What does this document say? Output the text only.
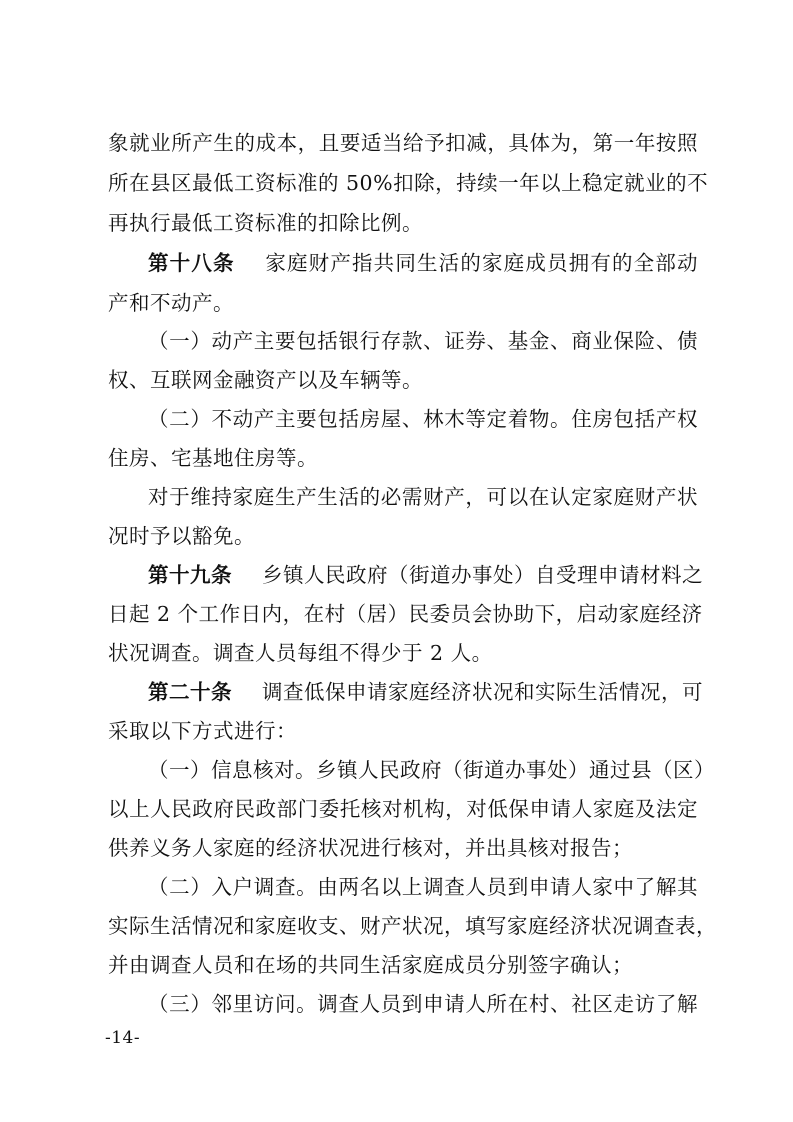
象就业所产生的成本，且要适当给予扣减，具体为，第一年按照
所在县区最低工资标准的 50%扣除，持续一年以上稳定就业的不
再执行最低工资标准的扣除比例。
第十八条 家庭财产指共同生活的家庭成员拥有的全部动
产和不动产。
（一）动产主要包括银行存款、证券、基金、商业保险、债
权、互联网金融资产以及车辆等。
（二）不动产主要包括房屋、林木等定着物。住房包括产权
住房、宅基地住房等。
对于维持家庭生产生活的必需财产，可以在认定家庭财产状
况时予以豁免。
第十九条 乡镇人民政府（街道办事处）自受理申请材料之
日起 2 个工作日内，在村（居）民委员会协助下，启动家庭经济
状况调查。调查人员每组不得少于 2 人。
第二十条 调查低保申请家庭经济状况和实际生活情况，可
采取以下方式进行：
（一）信息核对。乡镇人民政府（街道办事处）通过县（区）
以上人民政府民政部门委托核对机构，对低保申请人家庭及法定
供养义务人家庭的经济状况进行核对，并出具核对报告；
（二）入户调查。由两名以上调查人员到申请人家中了解其
实际生活情况和家庭收支、财产状况，填写家庭经济状况调查表，
并由调查人员和在场的共同生活家庭成员分别签字确认；
（三）邻里访问。调查人员到申请人所在村、社区走访了解
-14-
